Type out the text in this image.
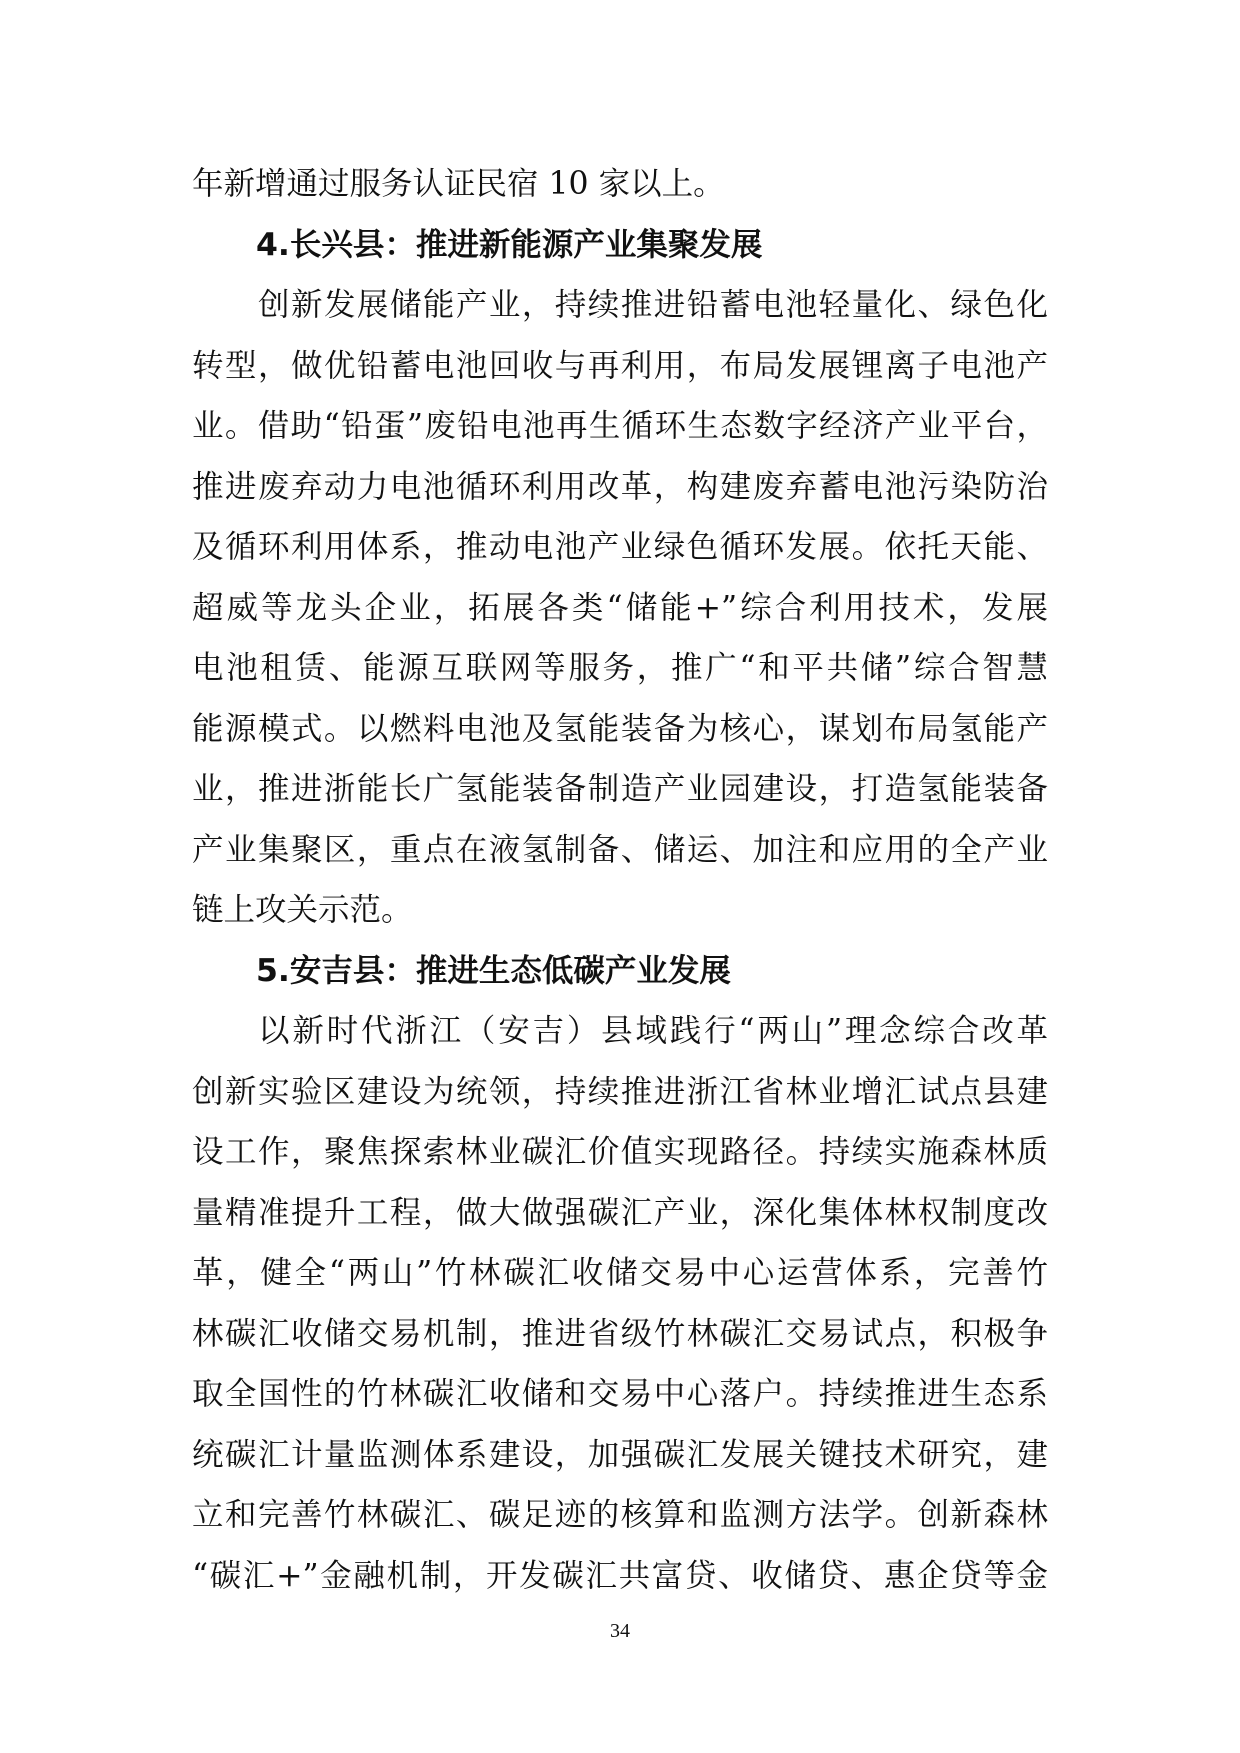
年新增通过服务认证民宿 10 家以上。
4.长兴县：推进新能源产业集聚发展
创新发展储能产业，持续推进铅蓄电池轻量化、绿色化
转型，做优铅蓄电池回收与再利用，布局发展锂离子电池产
业。借助“铅蛋”废铅电池再生循环生态数字经济产业平台，
推进废弃动力电池循环利用改革，构建废弃蓄电池污染防治
及循环利用体系，推动电池产业绿色循环发展。依托天能、
超威等龙头企业，拓展各类“储能+”综合利用技术，发展
电池租赁、能源互联网等服务，推广“和平共储”综合智慧
能源模式。以燃料电池及氢能装备为核心，谋划布局氢能产
业，推进浙能长广氢能装备制造产业园建设，打造氢能装备
产业集聚区，重点在液氢制备、储运、加注和应用的全产业
链上攻关示范。
5.安吉县：推进生态低碳产业发展
以新时代浙江（安吉）县域践行“两山”理念综合改革
创新实验区建设为统领，持续推进浙江省林业增汇试点县建
设工作，聚焦探索林业碳汇价值实现路径。持续实施森林质
量精准提升工程，做大做强碳汇产业，深化集体林权制度改
革，健全“两山”竹林碳汇收储交易中心运营体系，完善竹
林碳汇收储交易机制，推进省级竹林碳汇交易试点，积极争
取全国性的竹林碳汇收储和交易中心落户。持续推进生态系
统碳汇计量监测体系建设，加强碳汇发展关键技术研究，建
立和完善竹林碳汇、碳足迹的核算和监测方法学。创新森林
“碳汇+”金融机制，开发碳汇共富贷、收储贷、惠企贷等金
34
